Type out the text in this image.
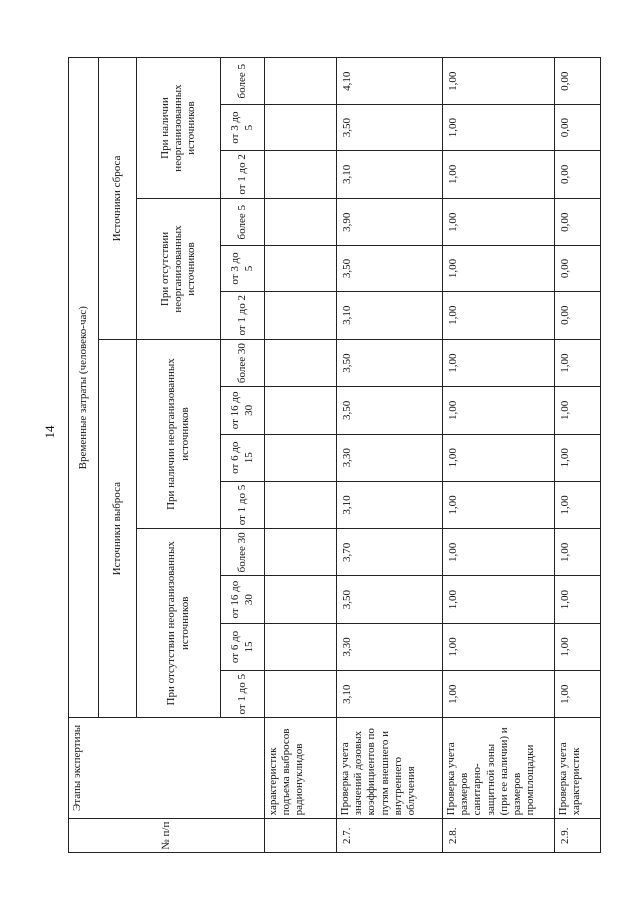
14
№ п/п	Этапы экспертизы	Временные затраты (человеко-час)													
		Источники выброса								Источники сброса					
		При отсутствии неорганизованных источников				При наличии неорганизованных источников				При отсутствии неорганизованных источников			При наличии неорганизованных источников		
		от 1 до 5	от 6 до 15	от 16 до 30	более 30	от 1 до 5	от 6 до 15	от 16 до 30	более 30	от 1 до 2	от 3 до 5	более 5	от 1 до 2	от 3 до 5	более 5
	характеристик подъема выбросов радионуклидов														
2.7.	Проверка учета значений дозовых коэффициентов по путям внешнего и внутреннего облучения	3,10	3,30	3,50	3,70	3,10	3,30	3,50	3,50	3,10	3,50	3,90	3,10	3,50	4,10
2.8.	Проверка учета размеров санитарно-защитной зоны (при ее наличии) и размеров промплощадки	1,00	1,00	1,00	1,00	1,00	1,00	1,00	1,00	1,00	1,00	1,00	1,00	1,00	1,00
2.9.	Проверка учета характеристик	1,00	1,00	1,00	1,00	1,00	1,00	1,00	1,00	0,00	0,00	0,00	0,00	0,00	0,00
